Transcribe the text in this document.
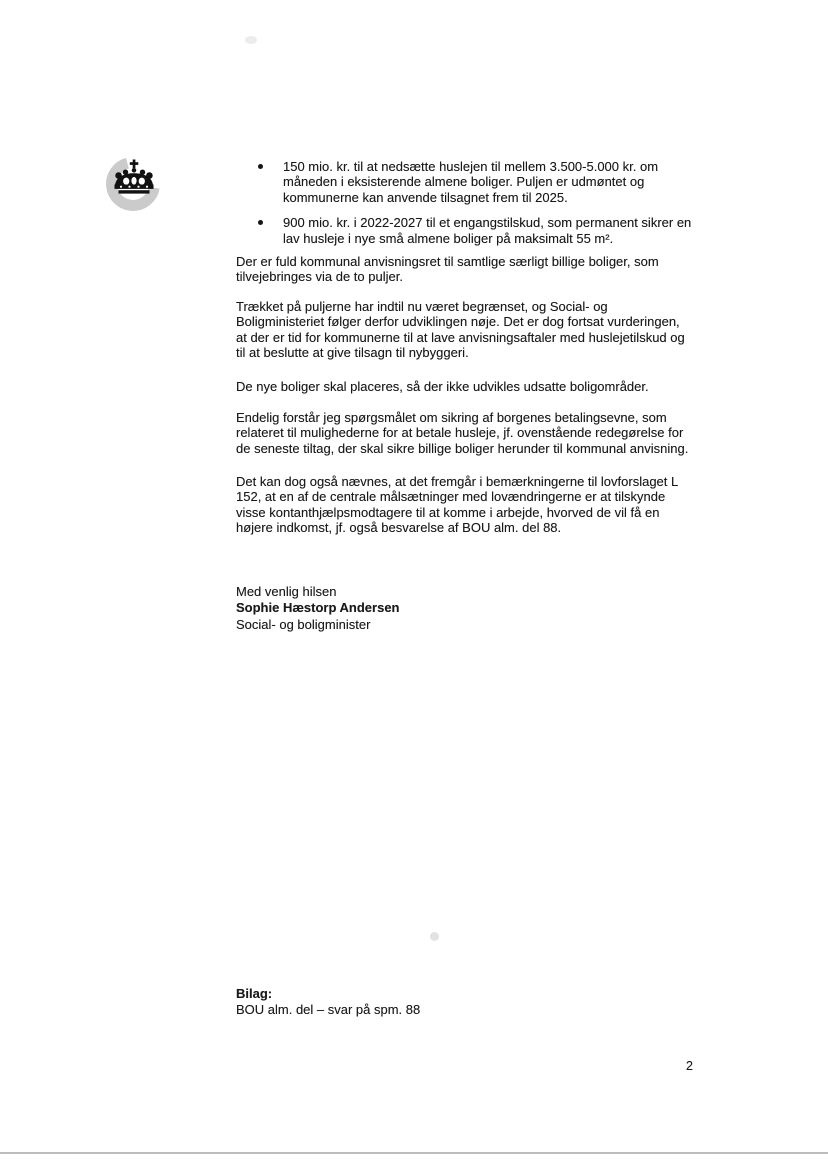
150 mio. kr. til at nedsætte huslejen til mellem 3.500-5.000 kr. om
måneden i eksisterende almene boliger. Puljen er udmøntet og
kommunerne kan anvende tilsagnet frem til 2025.
900 mio. kr. i 2022-2027 til et engangstilskud, som permanent sikrer en
lav husleje i nye små almene boliger på maksimalt 55 m².
Der er fuld kommunal anvisningsret til samtlige særligt billige boliger, som
tilvejebringes via de to puljer.
Trækket på puljerne har indtil nu været begrænset, og Social- og
Boligministeriet følger derfor udviklingen nøje. Det er dog fortsat vurderingen,
at der er tid for kommunerne til at lave anvisningsaftaler med huslejetilskud og
til at beslutte at give tilsagn til nybyggeri.
De nye boliger skal placeres, så der ikke udvikles udsatte boligområder.
Endelig forstår jeg spørgsmålet om sikring af borgenes betalingsevne, som
relateret til mulighederne for at betale husleje, jf. ovenstående redegørelse for
de seneste tiltag, der skal sikre billige boliger herunder til kommunal anvisning.
Det kan dog også nævnes, at det fremgår i bemærkningerne til lovforslaget L
152, at en af de centrale målsætninger med lovændringerne er at tilskynde
visse kontanthjælpsmodtagere til at komme i arbejde, hvorved de vil få en
højere indkomst, jf. også besvarelse af BOU alm. del 88.
Med venlig hilsen
Sophie Hæstorp Andersen
Social- og boligminister
Bilag:
BOU alm. del – svar på spm. 88
2
